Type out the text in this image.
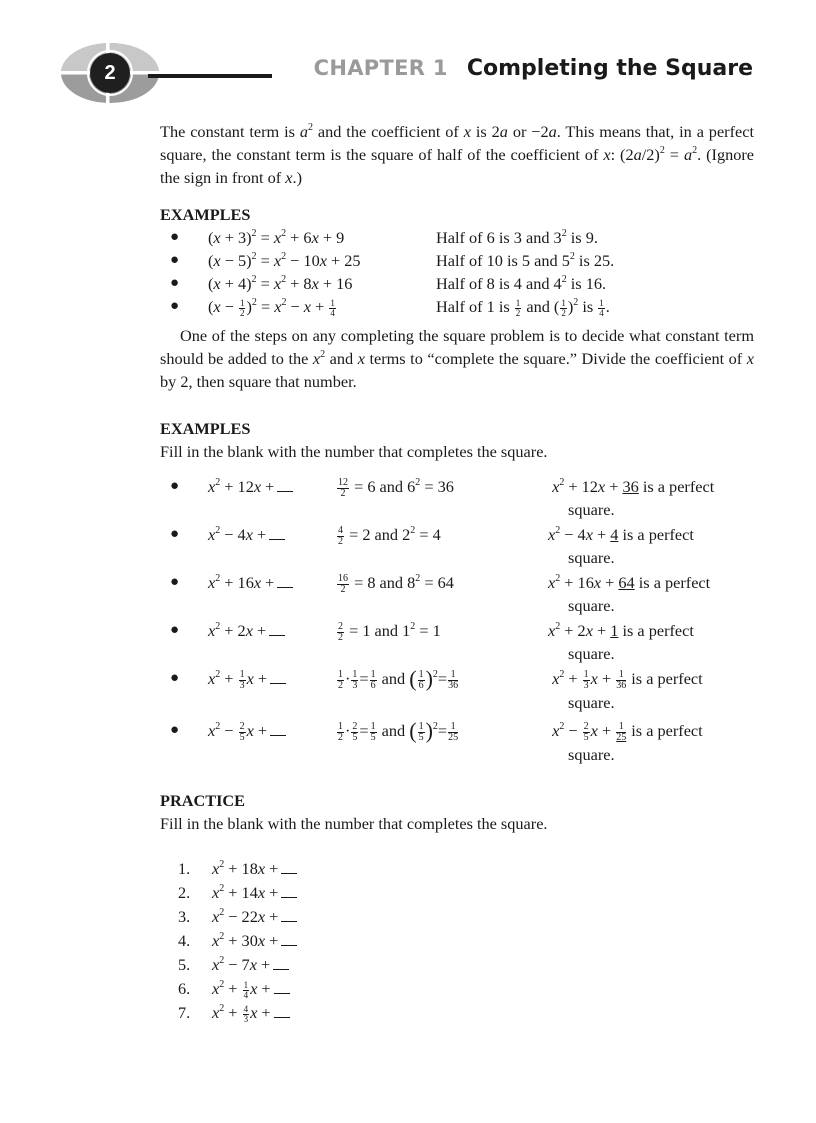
2	CHAPTER 1 Completing the Square

The constant term is $a^2$ and the coefficient of x is 2a or −2a. This means that, in a perfect square, the constant term is the square of half of the coefficient of x: $(2a/2)^2 = a^2$. (Ignore the sign in front of x.)

EXAMPLES
● $(x + 3)^2 = x^2 + 6x + 9$	Half of 6 is 3 and $3^2$ is 9.
● $(x - 5)^2 = x^2 - 10x + 25$	Half of 10 is 5 and $5^2$ is 25.
● $(x + 4)^2 = x^2 + 8x + 16$	Half of 8 is 4 and $4^2$ is 16.
● $(x - \frac{1}{2} )^2 = x^2 - x + \frac{1}{4}$	Half of 1 is $\frac{1}{2}$ and ( $\frac{1}{2} )^2$ is $\frac{1}{4}$ .

One of the steps on any completing the square problem is to decide what constant term should be added to the $x^2$ and x terms to “complete the square.” Divide the coefficient of x by 2, then square that number.

EXAMPLES

Fill in the blank with the number that completes the square.

● $x^2 + 12x$ +	$\frac{12}{2} = 6$ and $6^2 = 36$	$x^2 + 12x + 36$ is a perfect
square.
● $x^2 - 4x$ +	$\frac{4}{2} = 2$ and $2^2 = 4$	$x^2 - 4x + 4$ is a perfect
square.
● $x^2 + 16x$ +	$\frac{16}{2} = 8$ and $8^2 = 64$	$x^2 + 16x + 64$ is a perfect
square.
● $x^2 + 2x$ +	$\frac{2}{2} = 1$ and $1^2 = 1$	$x^2 + 2x + 1$ is a perfect
square.
● $x^2 + \frac{1}{3}$ x +	$\frac{1}{2} \cdot \frac{1}{3} = \frac{1}{6}$ and ( $\frac{1}{6} )^2= \frac{1}{36}$	$x^2 + \frac{1}{3}$ $x + \frac{1}{36}$ is a perfect
square.
● $x^2 - \frac{2}{5}$ x +	$\frac{1}{2} \cdot \frac{2}{5} = \frac{1}{5}$ and ( $\frac{1}{5} )^2= \frac{1}{25}$	$x^2 - \frac{2}{5}$ $x + \frac{1}{25}$ is a perfect
square.
PRACTICE

Fill in the blank with the number that completes the square.

1. $x^2 + 18x$ +
2. $x^2 + 14x$ +
3. $x^2 - 22x$ +
4. $x^2 + 30x$ +
5. $x^2 - 7x$ +
6. $x^2 + \frac{1}{4}$ x +
7. $x^2 + \frac{4}{3}$ x +
